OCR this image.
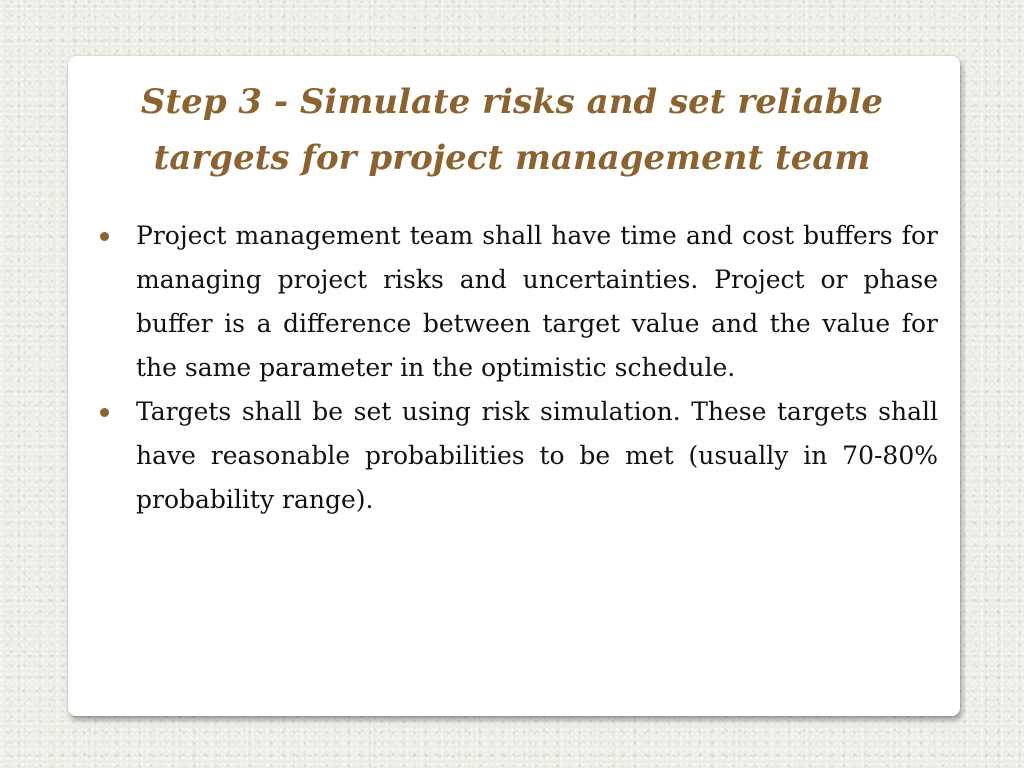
Step 3 - Simulate risks and set reliable targets for project management team
Project management team shall have time and cost buffers for managing project risks and uncertainties. Project or phase buffer is a difference between target value and the value for the same parameter in the optimistic schedule.
Targets shall be set using risk simulation. These targets shall have reasonable probabilities to be met (usually in 70-80% probability range).
